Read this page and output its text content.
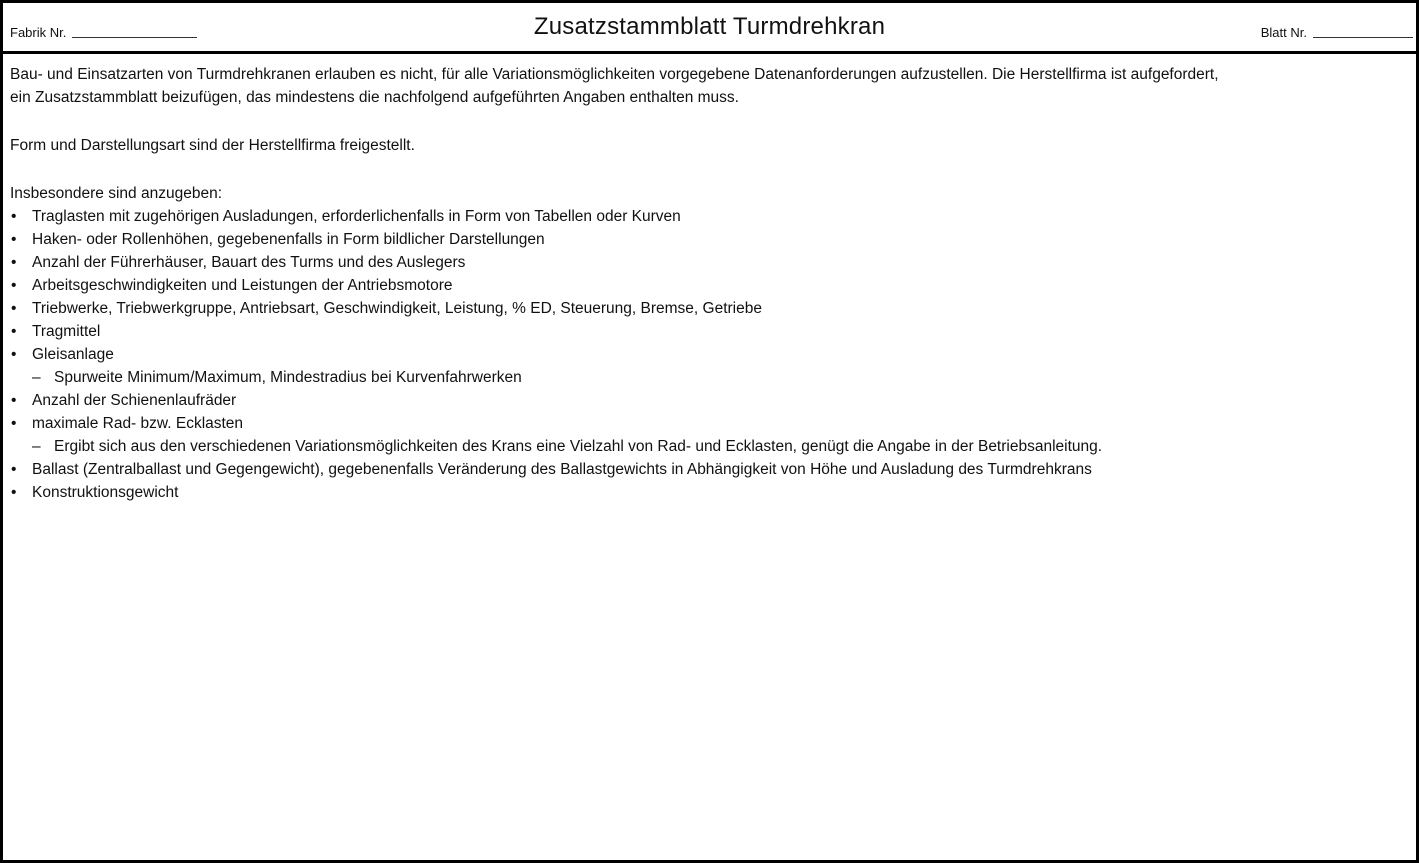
Fabrik Nr.	Zusatzstammblatt Turmdrehkran	Blatt Nr.

Bau- und Einsatzarten von Turmdrehkranen erlauben es nicht, für alle Variationsmöglichkeiten vorgegebene Datenanforderungen aufzustellen. Die Herstellfirma ist aufgefordert,

ein Zusatzstammblatt beizufügen, das mindestens die nachfolgend aufgeführten Angaben enthalten muss.

Form und Darstellungsart sind der Herstellfirma freigestellt.

Insbesondere sind anzugeben:

• Traglasten mit zugehörigen Ausladungen, erforderlichenfalls in Form von Tabellen oder Kurven
• Haken- oder Rollenhöhen, gegebenenfalls in Form bildlicher Darstellungen
• Anzahl der Führerhäuser, Bauart des Turms und des Auslegers
• Arbeitsgeschwindigkeiten und Leistungen der Antriebsmotore
• Triebwerke, Triebwerkgruppe, Antriebsart, Geschwindigkeit, Leistung, % ED, Steuerung, Bremse, Getriebe
• Tragmittel
• Gleisanlage
– Spurweite Minimum/Maximum, Mindestradius bei Kurvenfahrwerken
• Anzahl der Schienenlaufräder
• maximale Rad- bzw. Ecklasten
– Ergibt sich aus den verschiedenen Variationsmöglichkeiten des Krans eine Vielzahl von Rad- und Ecklasten, genügt die Angabe in der Betriebsanleitung.
• Ballast (Zentralballast und Gegengewicht), gegebenenfalls Veränderung des Ballastgewichts in Abhängigkeit von Höhe und Ausladung des Turmdrehkrans
• Konstruktionsgewicht
